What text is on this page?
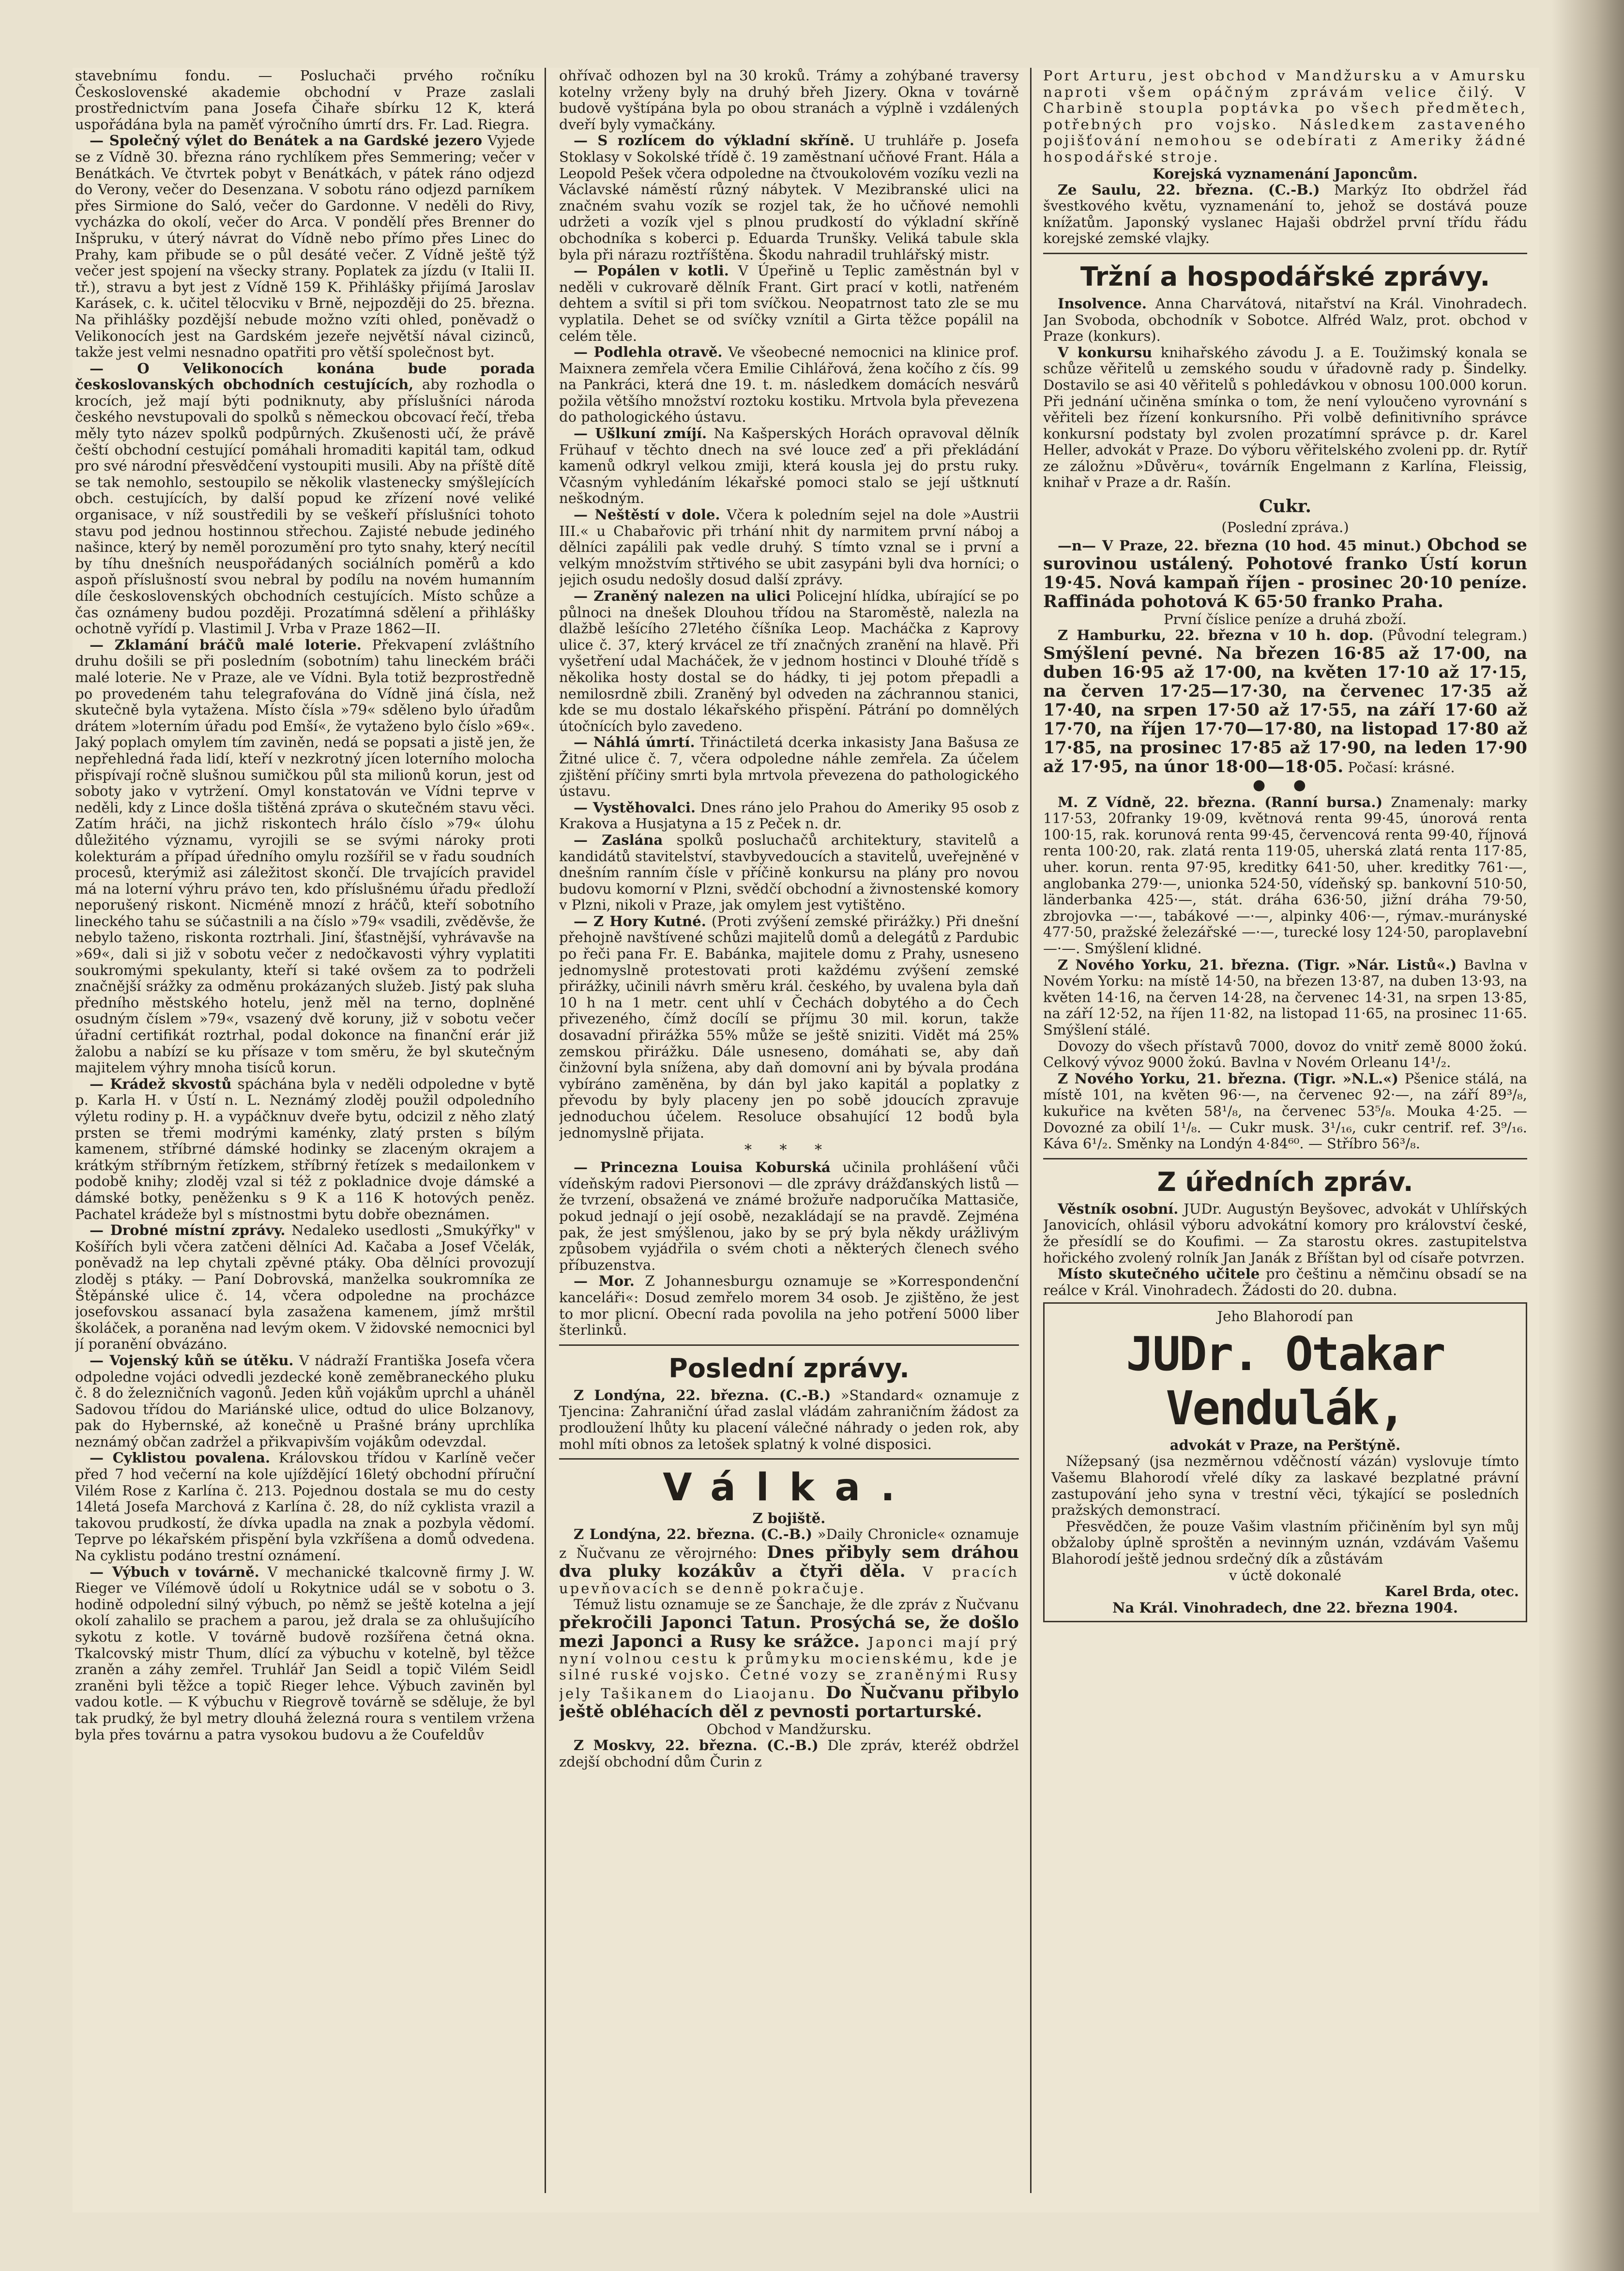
stavebnímu fondu. — Posluchači prvého ročníku Československé akademie obchodní v Praze zaslali prostřednictvím pana Josefa Čihaře sbírku 12 K, která uspořádána byla na paměť výročního úmrtí drs. Fr. Lad. Riegra.

— Společný výlet do Benátek a na Gardské jezero Vyjede se z Vídně 30. března ráno rychlíkem přes Semmering; večer v Benátkách. Ve čtvrtek pobyt v Benátkách, v pátek ráno odjezd do Verony, večer do Desenzana. V sobotu ráno odjezd parníkem přes Sirmione do Saló, večer do Gardonne. V neděli do Rivy, vycházka do okolí, večer do Arca. V pondělí přes Brenner do Inšpruku, v úterý návrat do Vídně nebo přímo přes Linec do Prahy, kam přibude se o půl desáté večer. Z Vídně ještě týž večer jest spojení na všecky strany. Poplatek za jízdu (v Italii II. tř.), stravu a byt jest z Vídně 159 K. Přihlášky přijímá Jaroslav Karásek, c. k. učitel tělocviku v Brně, nejpozději do 25. března. Na přihlášky pozdější nebude možno vzíti ohled, poněvadž o Velikonocích jest na Gardském jezeře největší nával cizinců, takže jest velmi nesnadno opatřiti pro větší společnost byt.

— O Velikonocích konána bude porada českoslovanských obchodních cestujících, aby rozhodla o krocích, jež mají býti podniknuty, aby příslušníci národa českého nevstupovali do spolků s německou obcovací řečí, třeba měly tyto název spolků podpůrných. Zkušenosti učí, že právě čeští obchodní cestující pomáhali hromaditi kapitál tam, odkud pro své národní přesvědčení vystoupiti musili. Aby na příště dítě se tak nemohlo, sestoupilo se několik vlastenecky smýšlejících obch. cestujících, by další popud ke zřízení nové veliké organisace, v níž soustředili by se veškeří příslušníci tohoto stavu pod jednou hostinnou střechou. Zajisté nebude jediného našince, který by neměl porozumění pro tyto snahy, který necítil by tíhu dnešních neuspořádaných sociálních poměrů a kdo aspoň příslušností svou nebral by podílu na novém humanním díle československých obchodních cestujících. Místo schůze a čas oznámeny budou později. Prozatímná sdělení a přihlášky ochotně vyřídí p. Vlastimil J. Vrba v Praze 1862—II.

— Zklamání bráčů malé loterie. Překvapení zvláštního druhu došili se při posledním (sobotním) tahu lineckém bráči malé loterie. Ne v Praze, ale ve Vídni. Byla totiž bezprostředně po provedeném tahu telegrafována do Vídně jiná čísla, než skutečně byla vytažena. Místo čísla »79« sděleno bylo úřadům drátem »loterním úřadu pod Emší«, že vytaženo bylo číslo »69«. Jaký poplach omylem tím zaviněn, nedá se popsati a jistě jen, že nepřehledná řada lidí, kteří v nezkrotný jícen loterního molocha přispívají ročně slušnou sumičkou půl sta milionů korun, jest od soboty jako v vytržení. Omyl konstatován ve Vídni teprve v neděli, kdy z Lince došla tištěná zpráva o skutečném stavu věci. Zatím hráči, na jichž riskontech hrálo číslo »79« úlohu důležitého významu, vyrojili se se svými nároky proti kolekturám a případ úředního omylu rozšířil se v řadu soudních procesů, kterýmiž asi záležitost skončí. Dle trvajících pravidel má na loterní výhru právo ten, kdo příslušnému úřadu předloží neporušený riskont. Nicméně mnozí z hráčů, kteří sobotního lineckého tahu se súčastnili a na číslo »79« vsadili, zvěděvše, že nebylo taženo, riskonta roztrhali. Jiní, šťastnější, vyhrávavše na »69«, dali si již v sobotu večer z nedočkavosti výhry vyplatiti soukromými spekulanty, kteří si také ovšem za to podrželi značnější srážky za odměnu prokázaných služeb. Jistý pak sluha předního městského hotelu, jenž měl na terno, doplněné osudným číslem »79«, vsazený dvě koruny, již v sobotu večer úřadní certifikát roztrhal, podal dokonce na finanční erár již žalobu a nabízí se ku přísaze v tom směru, že byl skutečným majitelem výhry mnoha tisíců korun.

— Krádež skvostů spáchána byla v neděli odpoledne v bytě p. Karla H. v Ústí n. L. Neznámý zloděj použil odpoledního výletu rodiny p. H. a vypáčknuv dveře bytu, odcizil z něho zlatý prsten se třemi modrými kaménky, zlatý prsten s bílým kamenem, stříbrné dámské hodinky se zlaceným okrajem a krátkým stříbrným řetízkem, stříbrný řetízek s medailonkem v podobě knihy; zloděj vzal si též z pokladnice dvoje dámské a dámské botky, peněženku s 9 K a 116 K hotových peněz. Pachatel krádeže byl s místnostmi bytu dobře obeznámen.

— Drobné místní zprávy. Nedaleko usedlosti „Smukýřky" v Košířích byli včera zatčeni dělníci Ad. Kačaba a Josef Včelák, poněvadž na lep chytali zpěvné ptáky. Oba dělníci provozují zloděj s ptáky. — Paní Dobrovská, manželka soukromníka ze Štěpánské ulice č. 14, včera odpoledne na procházce josefovskou assanací byla zasažena kamenem, jímž mrštil školáček, a poraněna nad levým okem. V židovské nemocnici byl jí poranění obvázáno.

— Vojenský kůň se útěku. V nádraží Františka Josefa včera odpoledne vojáci odvedli jezdecké koně zeměbraneckého pluku č. 8 do železničních vagonů. Jeden kůň vojákům uprchl a uháněl Sadovou třídou do Mariánské ulice, odtud do ulice Bolzanovy, pak do Hybernské, až konečně u Prašné brány uprchlíka neznámý občan zadržel a přikvapivším vojákům odevzdal.

— Cyklistou povalena. Královskou třídou v Karlíně večer před 7 hod večerní na kole ujíždějící 16letý obchodní příruční Vilém Rose z Karlína č. 213. Pojednou dostala se mu do cesty 14letá Josefa Marchová z Karlína č. 28, do níž cyklista vrazil a takovou prudkostí, že dívka upadla na znak a pozbyla vědomí. Teprve po lékařském přispění byla vzkříšena a domů odvedena. Na cyklistu podáno trestní oznámení.

— Výbuch v továrně. V mechanické tkalcovně firmy J. W. Rieger ve Vílémově údolí u Rokytnice udál se v sobotu o 3. hodině odpolední silný výbuch, po němž se ještě kotelna a její okolí zahalilo se prachem a parou, jež drala se za ohlušujícího sykotu z kotle. V továrně budově rozšířena četná okna. Tkalcovský mistr Thum, dlící za výbuchu v kotelně, byl těžce zraněn a záhy zemřel. Truhlář Jan Seidl a topič Vilém Seidl zraněni byli těžce a topič Rieger lehce. Výbuch zaviněn byl vadou kotle. — K výbuchu v Riegrově továrně se sděluje, že byl tak prudký, že byl metry dlouhá železná roura s ventilem vržena byla přes továrnu a patra vysokou budovu a že Coufeldův

ohřívač odhozen byl na 30 kroků. Trámy a zohýbané traversy kotelny vrženy byly na druhý břeh Jizery. Okna v továrně budově vyštípána byla po obou stranách a výplně i vzdálených dveří byly vymačkány.

— S rozlícem do výkladní skříně. U truhláře p. Josefa Stoklasy v Sokolské třídě č. 19 zaměstnaní učňové Frant. Hála a Leopold Pešek včera odpoledne na čtvoukolovém vozíku vezli na Václavské náměstí různý nábytek. V Mezibranské ulici na značném svahu vozík se rozjel tak, že ho učňové nemohli udržeti a vozík vjel s plnou prudkostí do výkladní skříně obchodníka s koberci p. Eduarda Trunšky. Veliká tabule skla byla při nárazu roztříštěna. Škodu nahradil truhlářský mistr.

— Popálen v kotli. V Úpeřině u Teplic zaměstnán byl v neděli v cukrovarě dělník Frant. Girt prací v kotli, natřeném dehtem a svítil si při tom svíčkou. Neopatrnost tato zle se mu vyplatila. Dehet se od svíčky vznítil a Girta těžce popálil na celém těle.

— Podlehla otravě. Ve všeobecné nemocnici na klinice prof. Maixnera zemřela včera Emilie Cihlářová, žena kočího z čís. 99 na Pankráci, která dne 19. t. m. následkem domácích nesvárů požila většího množství roztoku kostiku. Mrtvola byla převezena do pathologického ústavu.

— Ušlkuní zmíjí. Na Kašperských Horách opravoval dělník Frühauf v těchto dnech na své louce zeď a při překládání kamenů odkryl velkou zmiji, která kousla jej do prstu ruky. Včasným vyhledáním lékařské pomoci stalo se její uštknutí neškodným.

— Neštěstí v dole. Včera k poledním sejel na dole »Austrii III.« u Chabařovic při trhání nhit dy narmitem první náboj a dělníci zapálili pak vedle druhý. S tímto vznal se i první a velkým množstvím střtivého se ubit zasypáni byli dva horníci; o jejich osudu nedošly dosud další zprávy.

— Zraněný nalezen na ulici Policejní hlídka, ubírající se po půlnoci na dnešek Dlouhou třídou na Staroměstě, nalezla na dlažbě lešícího 27letého číšníka Leop. Macháčka z Kaprovy ulice č. 37, který krvácel ze tří značných zranění na hlavě. Při vyšetření udal Macháček, že v jednom hostinci v Dlouhé třídě s několika hosty dostal se do hádky, ti jej potom přepadli a nemilosrdně zbili. Zraněný byl odveden na záchrannou stanici, kde se mu dostalo lékařského přispění. Pátrání po domnělých útočnících bylo zavedeno.

— Náhlá úmrtí. Třináctiletá dcerka inkasisty Jana Bašusa ze Žitné ulice č. 7, včera odpoledne náhle zemřela. Za účelem zjištění příčiny smrti byla mrtvola převezena do pathologického ústavu.

— Vystěhovalci. Dnes ráno jelo Prahou do Ameriky 95 osob z Krakova a Husjatyna a 15 z Peček n. dr.

— Zaslána spolků posluchačů architektury, stavitelů a kandidátů stavitelství, stavbyvedoucích a stavitelů, uveřejněné v dnešním ranním čísle v příčině konkursu na plány pro novou budovu komorní v Plzni, svědčí obchodní a živnostenské komory v Plzni, nikoli v Praze, jak omylem jest vytištěno.

— Z Hory Kutné. (Proti zvýšení zemské přirážky.) Při dnešní přehojně navštívené schůzi majitelů domů a delegátů z Pardubic po řeči pana Fr. E. Babánka, majitele domu z Prahy, usneseno jednomyslně protestovati proti každému zvýšení zemské přirážky, učinili návrh směru král. českého, by uvalena byla daň 10 h na 1 metr. cent uhlí v Čechách dobytého a do Čech přivezeného, čímž docílí se příjmu 30 mil. korun, takže dosavadní přirážka 55% může se ještě sniziti. Vidět má 25% zemskou přirážku. Dále usneseno, domáhati se, aby daň činžovní byla snížena, aby daň domovní ani by bývala prodána vybíráno zaměněna, by dán byl jako kapitál a poplatky z převodu by byly placeny jen po sobě jdoucích zpravuje jednoduchou účelem. Resoluce obsahující 12 bodů byla jednomyslně přijata.

* * *

— Princezna Louisa Koburská učinila prohlášení vůči vídeňským radovi Piersonovi — dle zprávy drážďanských listů — že tvrzení, obsažená ve známé brožuře nadporučíka Mattasiče, pokud jednají o její osobě, nezakládají se na pravdě. Zejména pak, že jest smýšlenou, jako by se prý byla někdy urážlivým způsobem vyjádřila o svém choti a některých členech svého příbuzenstva.

— Mor. Z Johannesburgu oznamuje se »Korrespondenční kanceláři«: Dosud zemřelo morem 34 osob. Je zjištěno, že jest to mor plicní. Obecní rada povolila na jeho potření 5000 liber šterlinků.

Poslední zprávy.

Z Londýna, 22. března. (C.-B.) »Standard« oznamuje z Tjencina: Zahraniční úřad zaslal vládám zahraničním žádost za prodloužení lhůty ku placení válečné náhrady o jeden rok, aby mohl míti obnos za letošek splatný k volné disposici.

Válka.
Z bojiště.

Z Londýna, 22. března. (C.-B.) »Daily Chronicle« oznamuje z Ňučvanu ze věrojrného: Dnes přibyly sem dráhou dva pluky kozákův a čtyři děla. V pracích upevňovacích se denně pokračuje.

Témuž listu oznamuje se ze Šanchaje, že dle zpráv z Ňučvanu překročili Japonci Tatun. Prosýchá se, že došlo mezi Japonci a Rusy ke srážce. Japonci mají prý nyní volnou cestu k průmyku mocienskému, kde je silné ruské vojsko. Četné vozy se zraněnými Rusy jely Tašikanem do Liaojanu. Do Ňučvanu přibylo ještě obléhacích děl z pevnosti portarturské.

Obchod v Mandžursku.

Z Moskvy, 22. března. (C.-B.) Dle zpráv, kteréž obdržel zdejší obchodní dům Čurin z

Port Arturu, jest obchod v Mandžursku a v Amursku naproti všem opáčným zprávám velice čilý. V Charbině stoupla poptávka po všech předmětech, potřebných pro vojsko. Následkem zastaveného pojišťování nemohou se odebírati z Ameriky žádné hospodářské stroje.

Korejská vyznamenání Japoncům.

Ze Saulu, 22. března. (C.-B.) Markýz Ito obdržel řád švestkového květu, vyznamenání to, jehož se dostává pouze knížatům. Japonský vyslanec Hajaši obdržel první třídu řádu korejské zemské vlajky.

Tržní a hospodářské zprávy.

Insolvence. Anna Charvátová, nitařství na Král. Vinohradech. Jan Svoboda, obchodník v Sobotce. Alfréd Walz, prot. obchod v Praze (konkurs).

V konkursu knihařského závodu J. a E. Toužimský konala se schůze věřitelů u zemského soudu v úřadovně rady p. Šindelky. Dostavilo se asi 40 věřitelů s pohledávkou v obnosu 100.000 korun. Při jednání učiněna smínka o tom, že není vyloučeno vyrovnání s věřiteli bez řízení konkursního. Při volbě definitivního správce konkursní podstaty byl zvolen prozatímní správce p. dr. Karel Heller, advokát v Praze. Do výboru věřitelského zvoleni pp. dr. Rytíř ze záložnu »Důvěru«, továrník Engelmann z Karlína, Fleissig, knihař v Praze a dr. Rašín.

Cukr.
(Poslední zpráva.)

—n— V Praze, 22. března (10 hod. 45 minut.) Obchod se surovinou ustálený. Pohotové franko Ústí korun 19·45. Nová kampaň říjen - prosinec 20·10 peníze. Raffináda pohotová K 65·50 franko Praha.

První číslice peníze a druhá zboží.

Z Hamburku, 22. března v 10 h. dop. (Původní telegram.) Smýšlení pevné. Na březen 16·85 až 17·00, na duben 16·95 až 17·00, na květen 17·10 až 17·15, na červen 17·25—17·30, na červenec 17·35 až 17·40, na srpen 17·50 až 17·55, na září 17·60 až 17·70, na říjen 17·70—17·80, na listopad 17·80 až 17·85, na prosinec 17·85 až 17·90, na leden 17·90 až 17·95, na únor 18·00—18·05. Počasí: krásné.

● ●

M. Z Vídně, 22. března. (Ranní bursa.) Znamenaly: marky 117·53, 20franky 19·09, květnová renta 99·45, únorová renta 100·15, rak. korunová renta 99·45, červencová renta 99·40, říjnová renta 100·20, rak. zlatá renta 119·05, uherská zlatá renta 117·85, uher. korun. renta 97·95, kreditky 641·50, uher. kreditky 761·—, anglobanka 279·—, unionka 524·50, vídeňský sp. bankovní 510·50, länderbanka 425·—, stát. dráha 636·50, jižní dráha 79·50, zbrojovka —·—, tabákové —·—, alpinky 406·—, rýmav.-murányské 477·50, pražské železářské —·—, turecké losy 124·50, paroplavební —·—. Smýšlení klidné.

Z Nového Yorku, 21. března. (Tigr. »Nár. Listů«.) Bavlna v Novém Yorku: na místě 14·50, na březen 13·87, na duben 13·93, na květen 14·16, na červen 14·28, na červenec 14·31, na srpen 13·85, na září 12·52, na říjen 11·82, na listopad 11·65, na prosinec 11·65. Smýšlení stálé.

Dovozy do všech přístavů 7000, dovoz do vnitř země 8000 žokú. Celkový vývoz 9000 žokú. Bavlna v Novém Orleanu 14¹/₂.

Z Nového Yorku, 21. března. (Tigr. »N.L.«) Pšenice stálá, na místě 101, na květen 96·—, na červenec 92·—, na září 89³/₈, kukuřice na květen 58¹/₈, na červenec 53⁵/₈. Mouka 4·25. — Dovozné za obilí 1¹/₈. — Cukr musk. 3¹/₁₆, cukr centrif. ref. 3⁹/₁₆. Káva 6¹/₂. Směnky na Londýn 4·84⁶⁰. — Stříbro 56³/₈.

Z úředních zpráv.

Věstník osobní. JUDr. Augustýn Beyšovec, advokát v Uhlířských Janovicích, ohlásil výboru advokátní komory pro království české, že přesídlí se do Koufimi. — Za starostu okres. zastupitelstva hořického zvolený rolník Jan Janák z Bříštan byl od císaře potvrzen.

Místo skutečného učitele pro češtinu a němčinu obsadí se na reálce v Král. Vinohradech. Žádosti do 20. dubna.

Jeho Blahorodí pan

JUDr. Otakar Vendulák,

advokát v Praze, na Perštýně.

Nížepsaný (jsa nezměrnou vděčností vázán) vyslovuje tímto Vašemu Blahorodí vřelé díky za laskavé bezplatné právní zastupování jeho syna v trestní věci, týkající se posledních pražských demonstrací.

Přesvědčen, že pouze Vašim vlastním přičiněním byl syn můj obžaloby úplně sproštěn a nevinným uznán, vzdávám Vašemu Blahorodí ještě jednou srdečný dík a zůstávám

v úctě dokonalé

Karel Brda, otec.

Na Král. Vinohradech, dne 22. března 1904.
